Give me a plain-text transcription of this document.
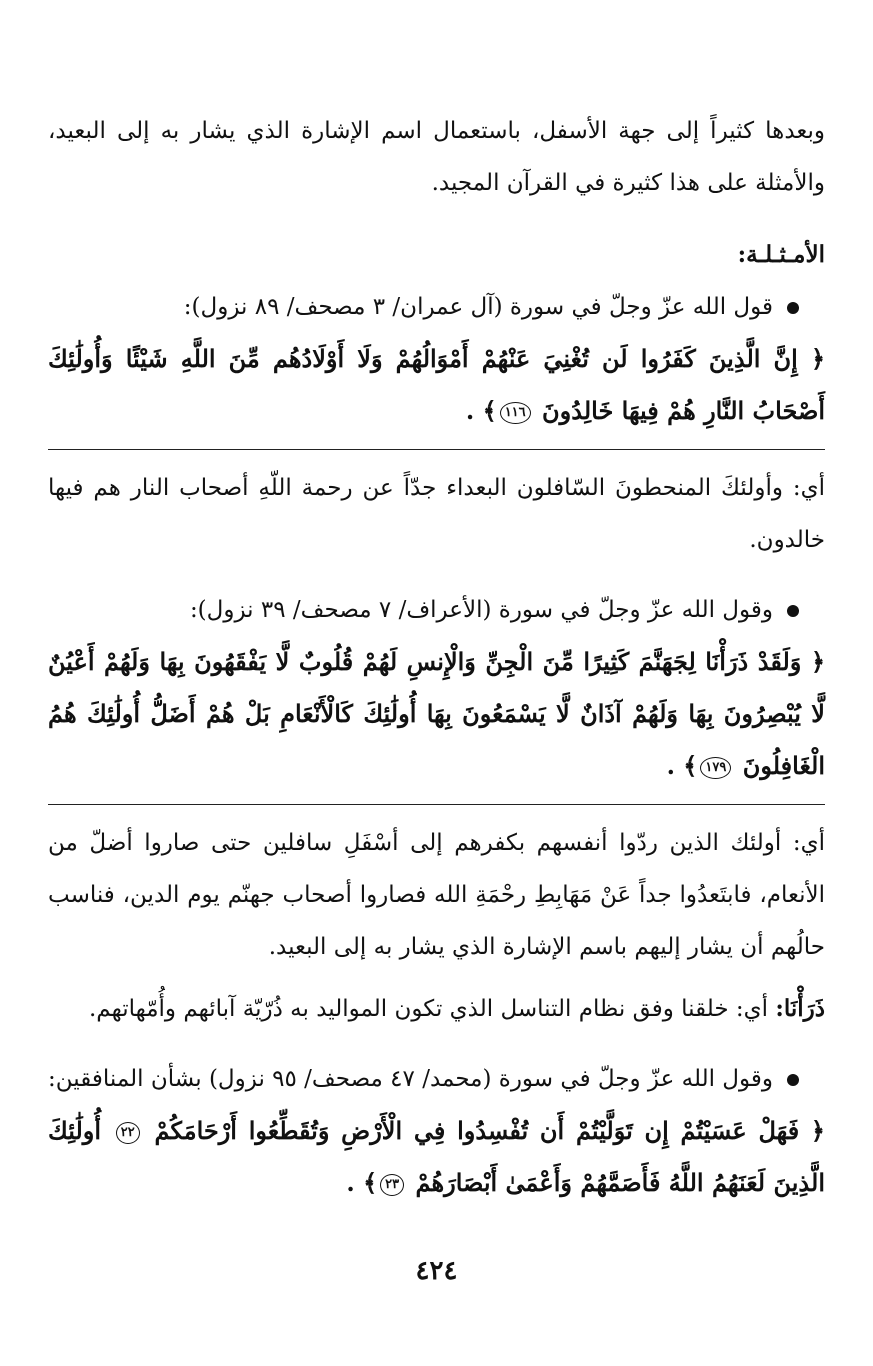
وبعدها كثيراً إلى جهة الأسفل، باستعمال اسم الإشارة الذي يشار به إلى البعيد، والأمثلة على هذا كثيرة في القرآن المجيد.

الأمـثـلـة:

قول الله عزّ وجلّ في سورة (آل عمران/ ٣ مصحف/ ٨٩ نزول):

﴿ إِنَّ الَّذِينَ كَفَرُوا لَن تُغْنِيَ عَنْهُمْ أَمْوَالُهُمْ وَلَا أَوْلَادُهُم مِّنَ اللَّهِ شَيْئًا وَأُولَٰئِكَ أَصْحَابُ النَّارِ هُمْ فِيهَا خَالِدُونَ ١١٦﴾ .

أي: وأولئكَ المنحطونَ السّافلون البعداء جدّاً عن رحمة اللّهِ أصحاب النار هم فيها خالدون.

وقول الله عزّ وجلّ في سورة (الأعراف/ ٧ مصحف/ ٣٩ نزول):

﴿ وَلَقَدْ ذَرَأْنَا لِجَهَنَّمَ كَثِيرًا مِّنَ الْجِنِّ وَالْإِنسِ لَهُمْ قُلُوبٌ لَّا يَفْقَهُونَ بِهَا وَلَهُمْ أَعْيُنٌ لَّا يُبْصِرُونَ بِهَا وَلَهُمْ آذَانٌ لَّا يَسْمَعُونَ بِهَا أُولَٰئِكَ كَالْأَنْعَامِ بَلْ هُمْ أَضَلُّ أُولَٰئِكَ هُمُ الْغَافِلُونَ ١٧٩﴾ .

أي: أولئك الذين ردّوا أنفسهم بكفرهم إلى أسْفَلِ سافلين حتى صاروا أضلّ من الأنعام، فابتَعدُوا جداً عَنْ مَهَابِطِ رحْمَةِ الله فصاروا أصحاب جهنّم يوم الدين، فناسب حالُهم أن يشار إليهم باسم الإشارة الذي يشار به إلى البعيد.

ذَرَأْنَا: أي: خلقنا وفق نظام التناسل الذي تكون المواليد به ذُرّيّة آبائهم وأُمّهاتهم.

وقول الله عزّ وجلّ في سورة (محمد/ ٤٧ مصحف/ ٩٥ نزول) بشأن المنافقين:

﴿ فَهَلْ عَسَيْتُمْ إِن تَوَلَّيْتُمْ أَن تُفْسِدُوا فِي الْأَرْضِ وَتُقَطِّعُوا أَرْحَامَكُمْ ٢٢ أُولَٰئِكَ الَّذِينَ لَعَنَهُمُ اللَّهُ فَأَصَمَّهُمْ وَأَعْمَىٰ أَبْصَارَهُمْ ٢٣﴾ .

٤٢٤
